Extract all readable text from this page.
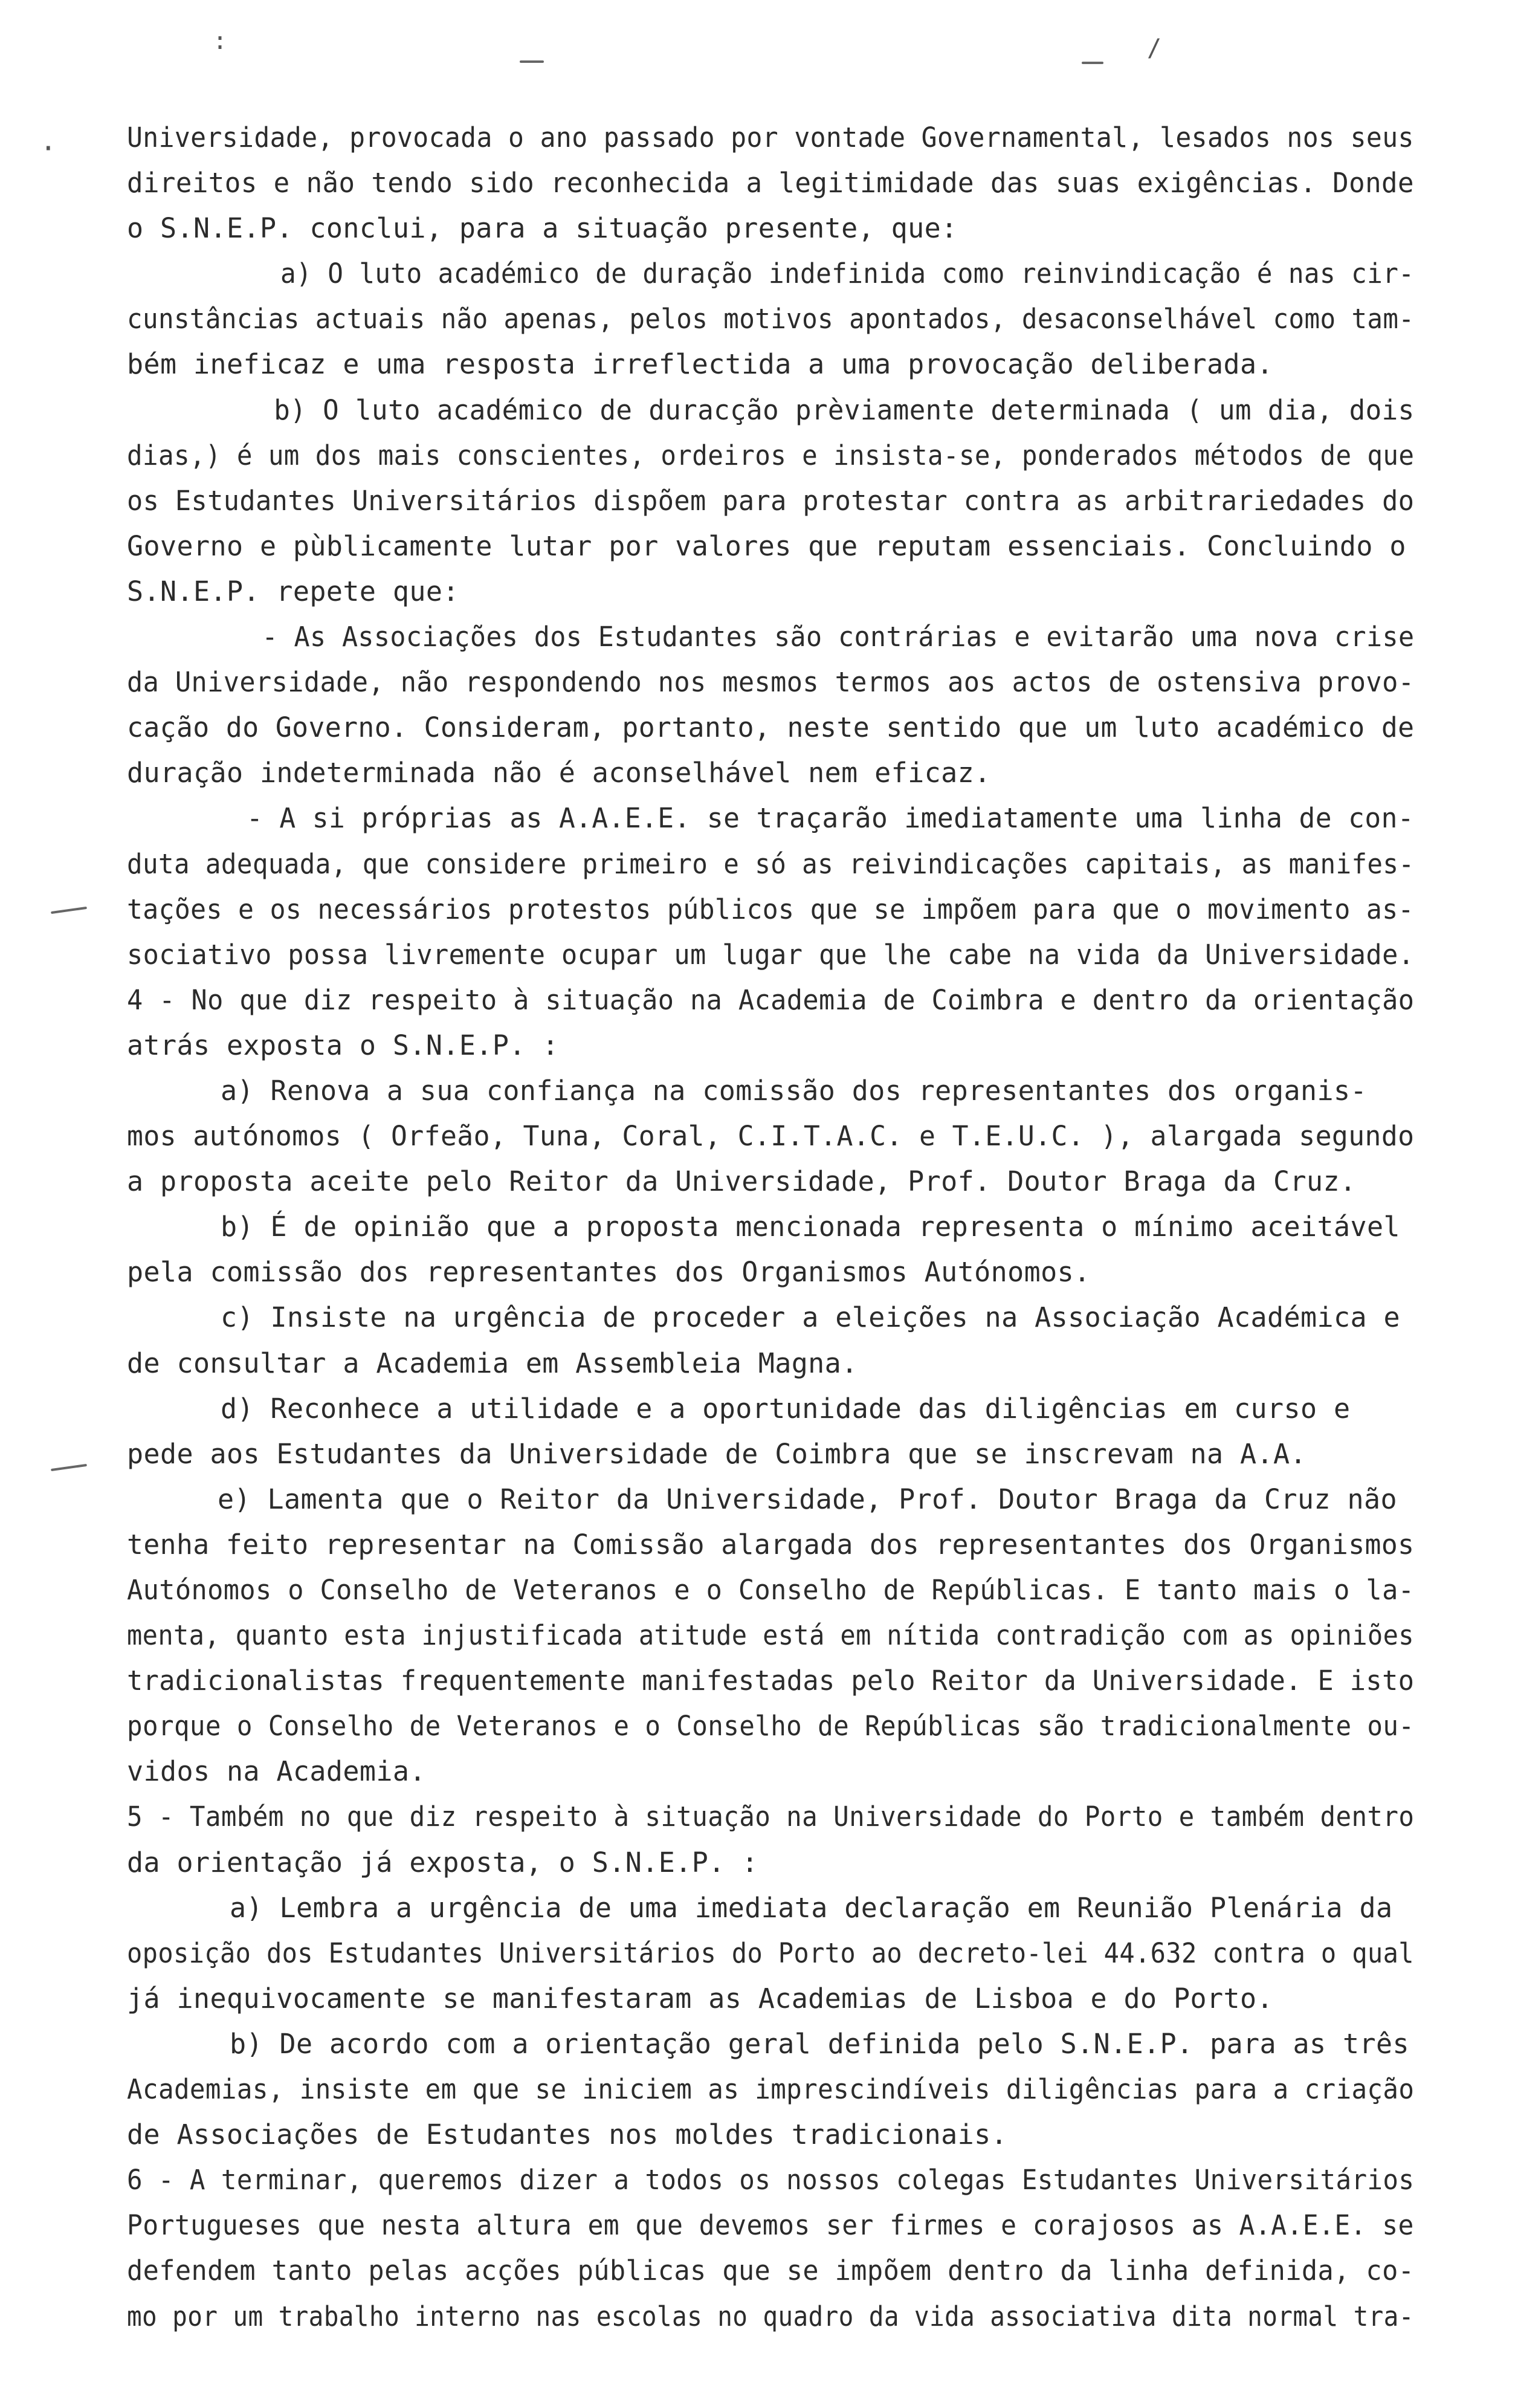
:	/
·	Universidade, provocada o ano passado por vontade Governamental, lesados nos seus
direitos e não tendo sido reconhecida a legitimidade das suas exigências. Donde
o S.N.E.P. conclui, para a situação presente, que:
a) O luto académico de duração indefinida como reinvindicação é nas cir-
cunstâncias actuais não apenas, pelos motivos apontados, desaconselhável como tam-
bém ineficaz e uma resposta irreflectida a uma provocação deliberada.
b) O luto académico de duracção prèviamente determinada ( um dia, dois
dias,) é um dos mais conscientes, ordeiros e insista-se, ponderados métodos de que
os Estudantes Universitários dispõem para protestar contra as arbitrariedades do
Governo e pùblicamente lutar por valores que reputam essenciais. Concluindo o
S.N.E.P. repete que:
- As Associações dos Estudantes são contrárias e evitarão uma nova crise
da Universidade, não respondendo nos mesmos termos aos actos de ostensiva provo-
cação do Governo. Consideram, portanto, neste sentido que um luto académico de
duração indeterminada não é aconselhável nem eficaz.
- A si próprias as A.A.E.E. se traçarão imediatamente uma linha de con-
duta adequada, que considere primeiro e só as reivindicações capitais, as manifes-
tações e os necessários protestos públicos que se impõem para que o movimento as-
sociativo possa livremente ocupar um lugar que lhe cabe na vida da Universidade.
4 - No que diz respeito à situação na Academia de Coimbra e dentro da orientação
atrás exposta o S.N.E.P. :
a) Renova a sua confiança na comissão dos representantes dos organis-
mos autónomos ( Orfeão, Tuna, Coral, C.I.T.A.C. e T.E.U.C. ), alargada segundo
a proposta aceite pelo Reitor da Universidade, Prof. Doutor Braga da Cruz.
b) É de opinião que a proposta mencionada representa o mínimo aceitável
pela comissão dos representantes dos Organismos Autónomos.
c) Insiste na urgência de proceder a eleições na Associação Académica e
de consultar a Academia em Assembleia Magna.
d) Reconhece a utilidade e a oportunidade das diligências em curso e
pede aos Estudantes da Universidade de Coimbra que se inscrevam na A.A.
e) Lamenta que o Reitor da Universidade, Prof. Doutor Braga da Cruz não
tenha feito representar na Comissão alargada dos representantes dos Organismos
Autónomos o Conselho de Veteranos e o Conselho de Repúblicas. E tanto mais o la-
menta, quanto esta injustificada atitude está em nítida contradição com as opiniões
tradicionalistas frequentemente manifestadas pelo Reitor da Universidade. E isto
porque o Conselho de Veteranos e o Conselho de Repúblicas são tradicionalmente ou-
vidos na Academia.
5 - Também no que diz respeito à situação na Universidade do Porto e também dentro
da orientação já exposta, o S.N.E.P. :
a) Lembra a urgência de uma imediata declaração em Reunião Plenária da
oposição dos Estudantes Universitários do Porto ao decreto-lei 44.632 contra o qual
já inequivocamente se manifestaram as Academias de Lisboa e do Porto.
b) De acordo com a orientação geral definida pelo S.N.E.P. para as três
Academias, insiste em que se iniciem as imprescindíveis diligências para a criação
de Associações de Estudantes nos moldes tradicionais.
6 - A terminar, queremos dizer a todos os nossos colegas Estudantes Universitários
Portugueses que nesta altura em que devemos ser firmes e corajosos as A.A.E.E. se
defendem tanto pelas acções públicas que se impõem dentro da linha definida, co-
mo por um trabalho interno nas escolas no quadro da vida associativa dita normal tra-
